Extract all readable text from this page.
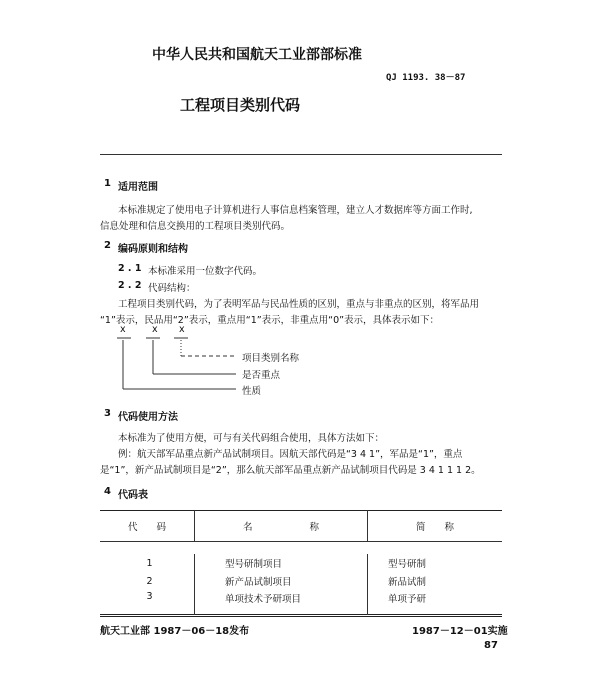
中华人民共和国航天工业部部标准
QJ 1193. 38－87
工程项目类别代码
1 适用范围
本标准规定了使用电子计算机进行人事信息档案管理，建立人才数据库等方面工作时,
信息处理和信息交换用的工程项目类别代码。
2 编码原则和结构
2 . 1 本标准采用一位数字代码。
2 . 2 代码结构：
工程项目类别代码，为了表明军品与民品性质的区别，重点与非重点的区别，将军品用
“1”表示，民品用“2”表示，重点用“1”表示，非重点用“0”表示，具体表示如下：
x	x x
项目类别名称
是否重点
性质
3 代码使用方法
本标准为了使用方便，可与有关代码组合使用，具体方法如下：
例：航天部军品重点新产品试制项目。因航天部代码是“3 4 1”，军品是“1”，重点
是“1”，新产品试制项目是“2”，那么航天部军品重点新产品试制项目代码是 3 4 1 1 1 2。
4 代码表
代　　码	名　　　　　　称	简　　称

1	型号研制项目	型号研制
2	新产品试制项目	新品试制
3	单项技术予研项目	单项予研
航天工业部 1987－06－18发布	1987－12－01实施
87
